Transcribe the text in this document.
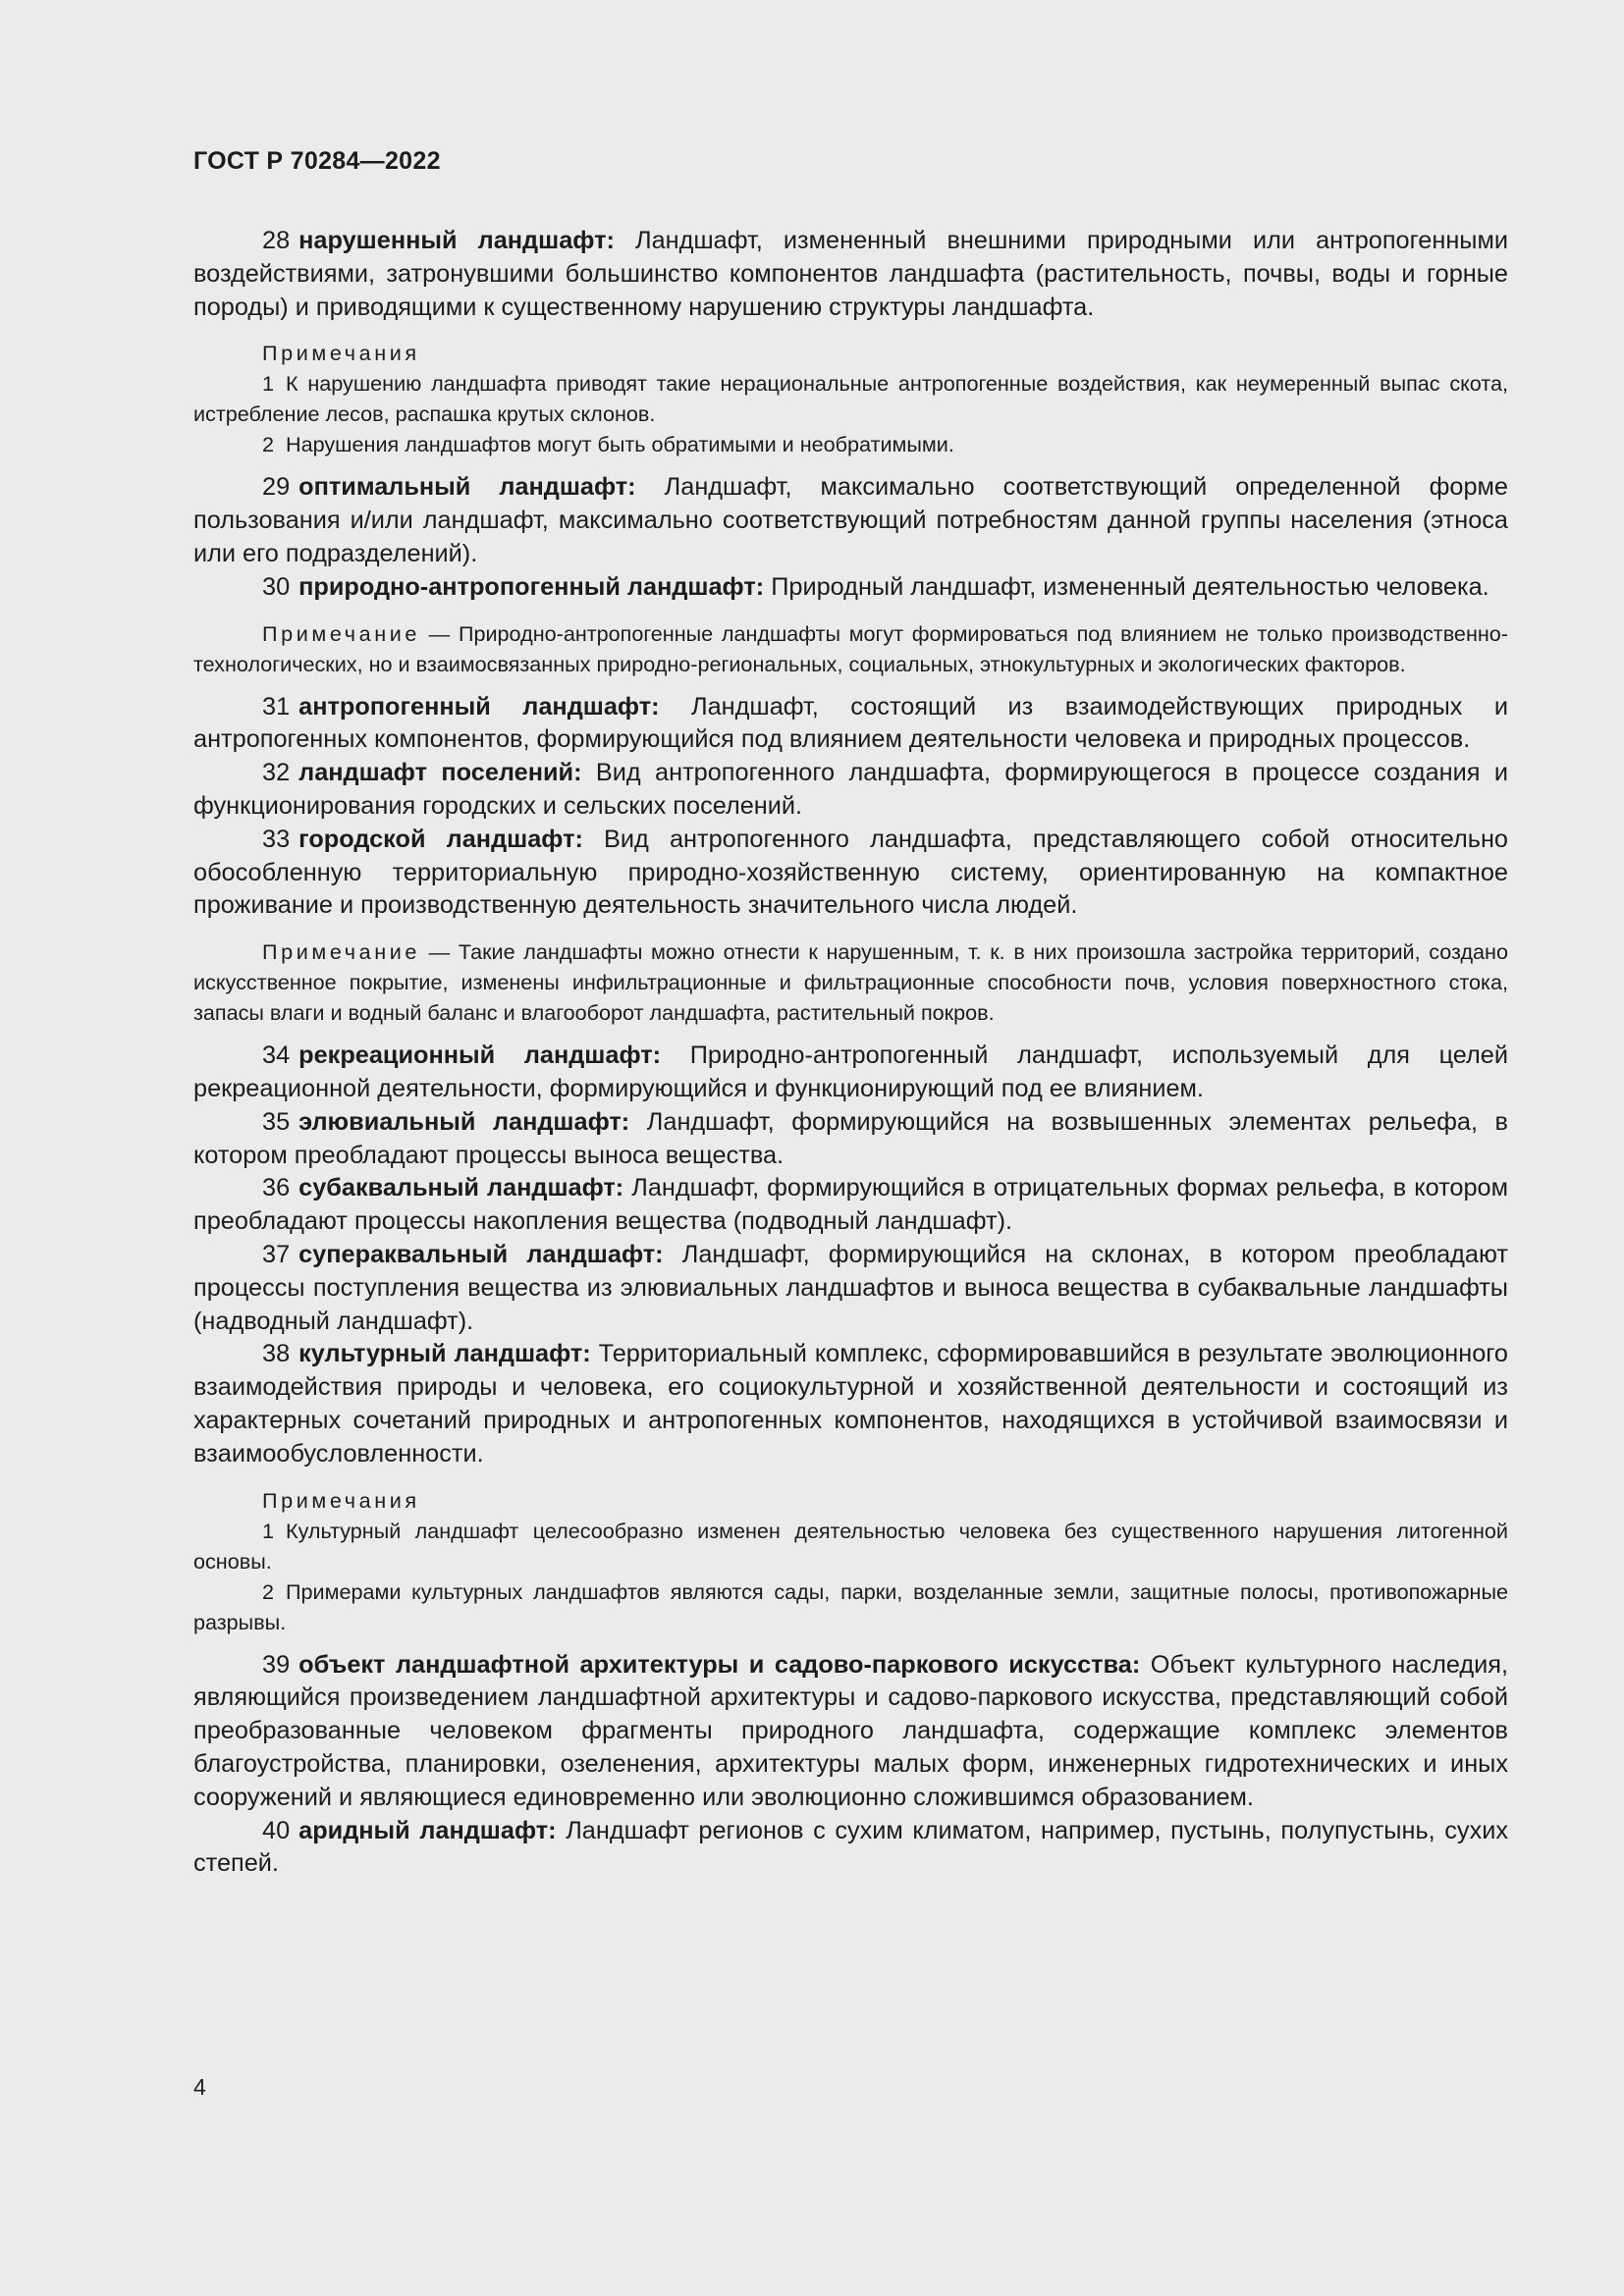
ГОСТ Р 70284—2022

28 нарушенный ландшафт: Ландшафт, измененный внешними природными или антропогенными воздействиями, затронувшими большинство компонентов ландшафта (растительность, почвы, воды и горные породы) и приводящими к существенному нарушению структуры ландшафта.

Примечания

1 К нарушению ландшафта приводят такие нерациональные антропогенные воздействия, как неумеренный выпас скота, истребление лесов, распашка крутых склонов.

2 Нарушения ландшафтов могут быть обратимыми и необратимыми.

29 оптимальный ландшафт: Ландшафт, максимально соответствующий определенной форме пользования и/или ландшафт, максимально соответствующий потребностям данной группы населения (этноса или его подразделений).

30 природно-антропогенный ландшафт: Природный ландшафт, измененный деятельностью человека.

Примечание — Природно-антропогенные ландшафты могут формироваться под влиянием не только производственно-технологических, но и взаимосвязанных природно-региональных, социальных, этнокультурных и экологических факторов.

31 антропогенный ландшафт: Ландшафт, состоящий из взаимодействующих природных и антропогенных компонентов, формирующийся под влиянием деятельности человека и природных процессов.

32 ландшафт поселений: Вид антропогенного ландшафта, формирующегося в процессе создания и функционирования городских и сельских поселений.

33 городской ландшафт: Вид антропогенного ландшафта, представляющего собой относительно обособленную территориальную природно-хозяйственную систему, ориентированную на компактное проживание и производственную деятельность значительного числа людей.

Примечание — Такие ландшафты можно отнести к нарушенным, т. к. в них произошла застройка территорий, создано искусственное покрытие, изменены инфильтрационные и фильтрационные способности почв, условия поверхностного стока, запасы влаги и водный баланс и влагооборот ландшафта, растительный покров.

34 рекреационный ландшафт: Природно-антропогенный ландшафт, используемый для целей рекреационной деятельности, формирующийся и функционирующий под ее влиянием.

35 элювиальный ландшафт: Ландшафт, формирующийся на возвышенных элементах рельефа, в котором преобладают процессы выноса вещества.

36 субаквальный ландшафт: Ландшафт, формирующийся в отрицательных формах рельефа, в котором преобладают процессы накопления вещества (подводный ландшафт).

37 супераквальный ландшафт: Ландшафт, формирующийся на склонах, в котором преобладают процессы поступления вещества из элювиальных ландшафтов и выноса вещества в субаквальные ландшафты (надводный ландшафт).

38 культурный ландшафт: Территориальный комплекс, сформировавшийся в результате эволюционного взаимодействия природы и человека, его социокультурной и хозяйственной деятельности и состоящий из характерных сочетаний природных и антропогенных компонентов, находящихся в устойчивой взаимосвязи и взаимообусловленности.

Примечания

1 Культурный ландшафт целесообразно изменен деятельностью человека без существенного нарушения литогенной основы.

2 Примерами культурных ландшафтов являются сады, парки, возделанные земли, защитные полосы, противопожарные разрывы.

39 объект ландшафтной архитектуры и садово-паркового искусства: Объект культурного наследия, являющийся произведением ландшафтной архитектуры и садово-паркового искусства, представляющий собой преобразованные человеком фрагменты природного ландшафта, содержащие комплекс элементов благоустройства, планировки, озеленения, архитектуры малых форм, инженерных гидротехнических и иных сооружений и являющиеся единовременно или эволюционно сложившимся образованием.

40 аридный ландшафт: Ландшафт регионов с сухим климатом, например, пустынь, полупустынь, сухих степей.

4
